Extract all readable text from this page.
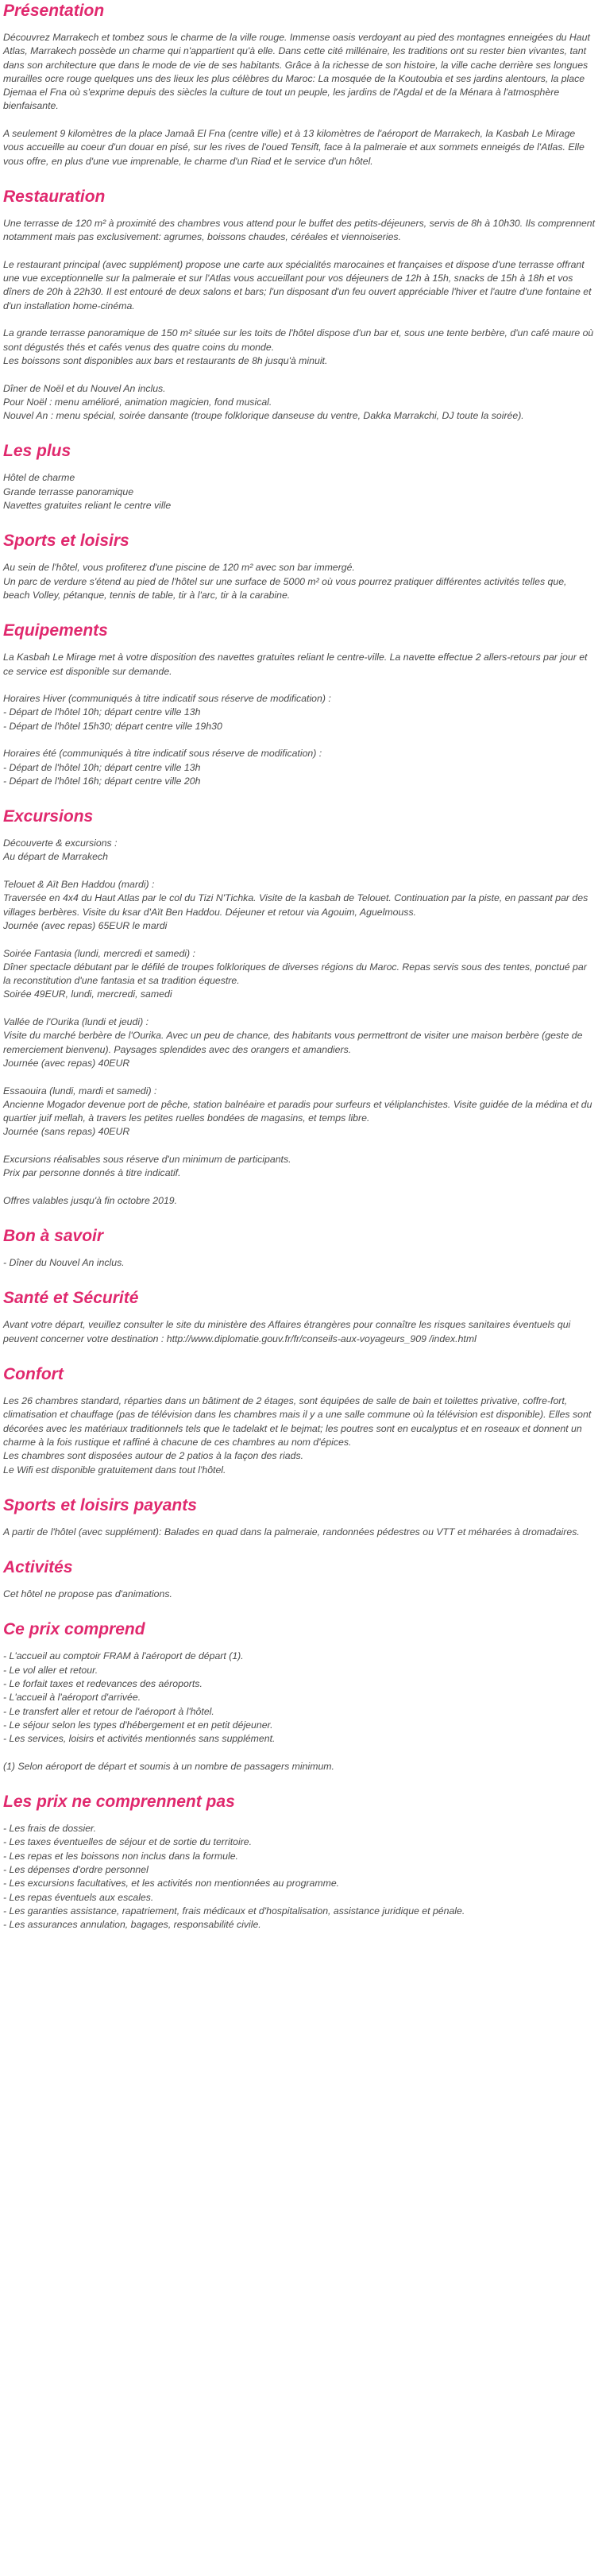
Présentation
Découvrez Marrakech et tombez sous le charme de la ville rouge. Immense oasis verdoyant au pied des montagnes enneigées du Haut Atlas, Marrakech possède un charme qui n'appartient qu'à elle. Dans cette cité millénaire, les traditions ont su rester bien vivantes, tant dans son architecture que dans le mode de vie de ses habitants. Grâce à la richesse de son histoire, la ville cache derrière ses longues murailles ocre rouge quelques uns des lieux les plus célèbres du Maroc: La mosquée de la Koutoubia et ses jardins alentours, la place Djemaa el Fna où s'exprime depuis des siècles la culture de tout un peuple, les jardins de l'Agdal et de la Ménara à l'atmosphère bienfaisante.
A seulement 9 kilomètres de la place Jamaâ El Fna (centre ville) et à 13 kilomètres de l'aéroport de Marrakech, la Kasbah Le Mirage vous accueille au coeur d'un douar en pisé, sur les rives de l'oued Tensift, face à la palmeraie et aux sommets enneigés de l'Atlas. Elle vous offre, en plus d'une vue imprenable, le charme d'un Riad et le service d'un hôtel.
Restauration
Une terrasse de 120 m² à proximité des chambres vous attend pour le buffet des petits-déjeuners, servis de 8h à 10h30. Ils comprennent notamment mais pas exclusivement: agrumes, boissons chaudes, céréales et viennoiseries.
Le restaurant principal (avec supplément) propose une carte aux spécialités marocaines et françaises et dispose d'une terrasse offrant une vue exceptionnelle sur la palmeraie et sur l'Atlas vous accueillant pour vos déjeuners de 12h à 15h, snacks de 15h à 18h et vos dîners de 20h à 22h30. Il est entouré de deux salons et bars; l'un disposant d'un feu ouvert appréciable l'hiver et l'autre d'une fontaine et d'un installation home-cinéma.
La grande terrasse panoramique de 150 m² située sur les toits de l'hôtel dispose d'un bar et, sous une tente berbère, d'un café maure où sont dégustés thés et cafés venus des quatre coins du monde.
Les boissons sont disponibles aux bars et restaurants de 8h jusqu'à minuit.
Dîner de Noël et du Nouvel An inclus.
Pour Noël : menu amélioré, animation magicien, fond musical.
Nouvel An : menu spécial, soirée dansante (troupe folklorique danseuse du ventre, Dakka Marrakchi, DJ toute la soirée).
Les plus
Hôtel de charme
Grande terrasse panoramique
Navettes gratuites reliant le centre ville
Sports et loisirs
Au sein de l'hôtel, vous profiterez d'une piscine de 120 m² avec son bar immergé.
Un parc de verdure s'étend au pied de l'hôtel sur une surface de 5000 m² où vous pourrez pratiquer différentes activités telles que, beach Volley, pétanque, tennis de table, tir à l'arc, tir à la carabine.
Equipements
La Kasbah Le Mirage met à votre disposition des navettes gratuites reliant le centre-ville. La navette effectue 2 allers-retours par jour et ce service est disponible sur demande.
Horaires Hiver (communiqués à titre indicatif sous réserve de modification) :
- Départ de l'hôtel 10h; départ centre ville 13h
- Départ de l'hôtel 15h30; départ centre ville 19h30
Horaires été (communiqués à titre indicatif sous réserve de modification) :
- Départ de l'hôtel 10h; départ centre ville 13h
- Départ de l'hôtel 16h; départ centre ville 20h
Excursions
Découverte & excursions :
Au départ de Marrakech
Telouet & Aït Ben Haddou (mardi) :
Traversée en 4x4 du Haut Atlas par le col du Tizi N'Tichka. Visite de la kasbah de Telouet. Continuation par la piste, en passant par des villages berbères. Visite du ksar d'Aït Ben Haddou. Déjeuner et retour via Agouim, Aguelmouss.
Journée (avec repas) 65EUR le mardi
Soirée Fantasia (lundi, mercredi et samedi) :
Dîner spectacle débutant par le défilé de troupes folkloriques de diverses régions du Maroc. Repas servis sous des tentes, ponctué par la reconstitution d'une fantasia et sa tradition équestre.
Soirée 49EUR, lundi, mercredi, samedi
Vallée de l'Ourika (lundi et jeudi) :
Visite du marché berbère de l'Ourika. Avec un peu de chance, des habitants vous permettront de visiter une maison berbère (geste de remerciement bienvenu). Paysages splendides avec des orangers et amandiers.
Journée (avec repas) 40EUR
Essaouira (lundi, mardi et samedi) :
Ancienne Mogador devenue port de pêche, station balnéaire et paradis pour surfeurs et véliplanchistes. Visite guidée de la médina et du quartier juif mellah, à travers les petites ruelles bondées de magasins, et temps libre.
Journée (sans repas) 40EUR
Excursions réalisables sous réserve d'un minimum de participants.
Prix par personne donnés à titre indicatif.
Offres valables jusqu'à fin octobre 2019.
Bon à savoir
- Dîner du Nouvel An inclus.
Santé et Sécurité
Avant votre départ, veuillez consulter le site du ministère des Affaires étrangères pour connaître les risques sanitaires éventuels qui peuvent concerner votre destination : http://www.diplomatie.gouv.fr/fr/conseils-aux-voyageurs_909 /index.html
Confort
Les 26 chambres standard, réparties dans un bâtiment de 2 étages, sont équipées de salle de bain et toilettes privative, coffre-fort, climatisation et chauffage (pas de télévision dans les chambres mais il y a une salle commune où la télévision est disponible). Elles sont décorées avec les matériaux traditionnels tels que le tadelakt et le bejmat; les poutres sont en eucalyptus et en roseaux et donnent un charme à la fois rustique et raffiné à chacune de ces chambres au nom d'épices.
Les chambres sont disposées autour de 2 patios à la façon des riads.
Le Wifi est disponible gratuitement dans tout l'hôtel.
Sports et loisirs payants
A partir de l'hôtel (avec supplément): Balades en quad dans la palmeraie, randonnées pédestres ou VTT et méharées à dromadaires.
Activités
Cet hôtel ne propose pas d'animations.
Ce prix comprend
- L'accueil au comptoir FRAM à l'aéroport de départ (1).
- Le vol aller et retour.
- Le forfait taxes et redevances des aéroports.
- L'accueil à l'aéroport d'arrivée.
- Le transfert aller et retour de l'aéroport à l'hôtel.
- Le séjour selon les types d'hébergement et en petit déjeuner.
- Les services, loisirs et activités mentionnés sans supplément.
(1) Selon aéroport de départ et soumis à un nombre de passagers minimum.
Les prix ne comprennent pas
- Les frais de dossier.
- Les taxes éventuelles de séjour et de sortie du territoire.
- Les repas et les boissons non inclus dans la formule.
- Les dépenses d'ordre personnel
- Les excursions facultatives, et les activités non mentionnées au programme.
- Les repas éventuels aux escales.
- Les garanties assistance, rapatriement, frais médicaux et d'hospitalisation, assistance juridique et pénale.
- Les assurances annulation, bagages, responsabilité civile.
